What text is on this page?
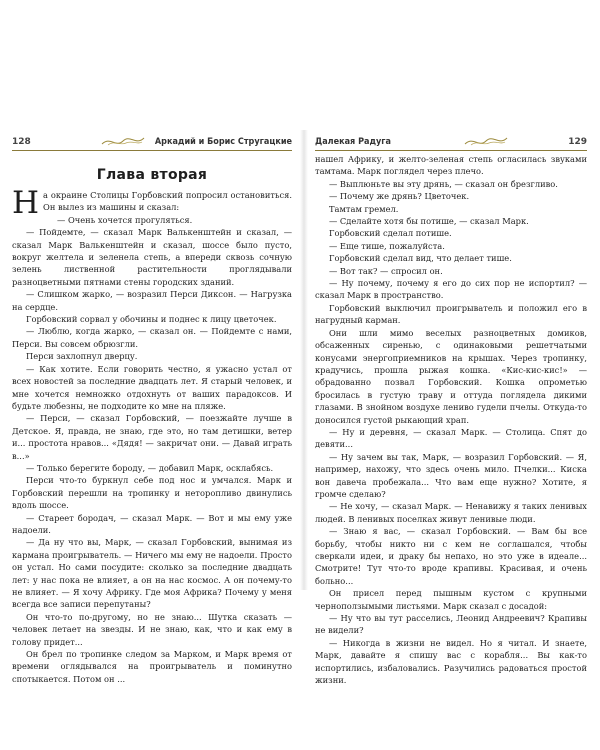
128	Аркадий и Борис Стругацкие
Глава вторая

На окраине Столицы Горбовский попросил остановиться. Он вылез из машины и сказал:

— Очень хочется прогуляться.

— Пойдемте, — сказал Марк Валькенштейн и сказал, — сказал Марк Валькенштейн и сказал, шоссе было пусто, вокруг желтела и зеленела степь, а впереди сквозь сочную зелень лиственной растительности проглядывали разноцветными пятнами стены городских зданий.

— Слишком жарко, — возразил Перси Диксон. — Нагрузка на сердце.

Горбовский сорвал у обочины и поднес к лицу цветочек.

— Люблю, когда жарко, — сказал он. — Пойдемте с нами, Перси. Вы совсем обрюзгли.

Перси захлопнул дверцу.

— Как хотите. Если говорить честно, я ужасно устал от всех новостей за последние двадцать лет. Я старый человек, и мне хочется немножко отдохнуть от ваших парадоксов. И будьте любезны, не подходите ко мне на пляже.

— Перси, — сказал Горбовский, — поезжайте лучше в Детское. Я, правда, не знаю, где это, но там детишки, ветер и... простота нравов... «Дядя! — закричат они. — Давай играть в...»

— Только берегите бороду, — добавил Марк, осклабясь.

Перси что-то буркнул себе под нос и умчался. Марк и Горбовский перешли на тропинку и неторопливо двинулись вдоль шоссе.

— Стареет бородач, — сказал Марк. — Вот и мы ему уже надоели.

— Да ну что вы, Марк, — сказал Горбовский, вынимая из кармана проигрыватель. — Ничего мы ему не надоели. Просто он устал. Но сами посудите: сколько за последние двадцать лет: у нас пока не влияет, а он на нас космос. А он почему-то не влияет. — Я хочу Африку. Где моя Африка? Почему у меня всегда все записи перепутаны?

Он что-то по-другому, но не знаю... Шутка сказать — человек летает на звезды. И не знаю, как, что и как ему в голову придет...

Он брел по тропинке следом за Марком, и Марк время от времени оглядывался на проигрыватель и поминутно спотыкается. Потом он ...

Далекая Радуга	129

нашел Африку, и желто-зеленая степь огласилась звуками тамтама. Марк поглядел через плечо.

— Выплюньте вы эту дрянь, — сказал он брезгливо.

— Почему же дрянь? Цветочек.

Тамтам гремел.

— Сделайте хотя бы потише, — сказал Марк.

Горбовский сделал потише.

— Еще тише, пожалуйста.

Горбовский сделал вид, что делает тише.

— Вот так? — спросил он.

— Ну почему, почему я его до сих пор не испортил? — сказал Марк в пространство.

Горбовский выключил проигрыватель и положил его в нагрудный карман.

Они шли мимо веселых разноцветных домиков, обсаженных сиренью, с одинаковыми решетчатыми конусами энергоприемников на крышах. Через тропинку, крадучись, прошла рыжая кошка. «Кис-кис-кис!» — обрадованно позвал Горбовский. Кошка опрометью бросилась в густую траву и оттуда поглядела дикими глазами. В знойном воздухе лениво гудели пчелы. Откуда-то доносился густой рыкающий храп.

— Ну и деревня, — сказал Марк. — Столица. Спят до девяти...

— Ну зачем вы так, Марк, — возразил Горбовский. — Я, например, нахожу, что здесь очень мило. Пчелки... Киска вон давеча пробежала... Что вам еще нужно? Хотите, я громче сделаю?

— Не хочу, — сказал Марк. — Ненавижу я таких ленивых людей. В ленивых поселках живут ленивые люди.

— Знаю я вас, — сказал Горбовский. — Вам бы все борьбу, чтобы никто ни с кем не соглашался, чтобы сверкали идеи, и драку бы непахо, но это уже в идеале... Смотрите! Тут что-то вроде крапивы. Красивая, и очень больно...

Он присел перед пышным кустом с крупными черноползымыми листьями. Марк сказал с досадой:

— Ну что вы тут расселись, Леонид Андреевич? Крапивы не видели?

— Никогда в жизни не видел. Но я читал. И знаете, Марк, давайте я спишу вас с корабля... Вы как-то испортились, избаловались. Разучились радоваться простой жизни.
